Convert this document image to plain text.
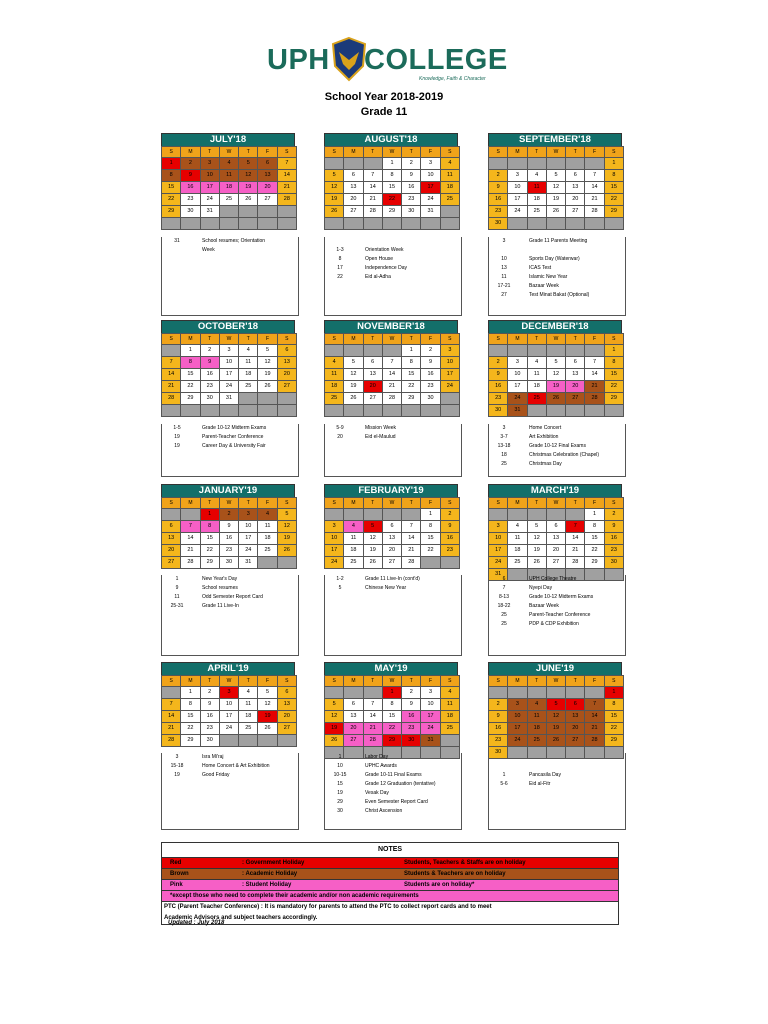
UPH COLLEGE
Knowledge, Faith & Character
School Year 2018-2019
Grade 11
JULY'18
S	M	T	W	T	F	S
1	2	3	4	5	6	7
8	9	10	11	12	13	14
15	16	17	18	19	20	21
22	23	24	25	26	27	28
29	30	31				

31	School resumes; Orientation
Week
AUGUST'18
S	M	T	W	T	F	S
			1	2	3	4
5	6	7	8	9	10	11
12	13	14	15	16	17	18
19	20	21	22	23	24	25
26	27	28	29	30	31	

1-3	Orientation Week
8	Open House
17	Independence Day
22	Eid al-Adha
SEPTEMBER'18
S	M	T	W	T	F	S
						1
2	3	4	5	6	7	8
9	10	11	12	13	14	15
16	17	18	19	20	21	22
23	24	25	26	27	28	29
30						
3	Grade 11 Parents Meeting
10	Sports Day (Waterwar)
13	ICAS Test
11	Islamic New Year
17-21	Bazaar Week
27	Test Minat Bakat (Optional)
OCTOBER'18
S	M	T	W	T	F	S
	1	2	3	4	5	6
7	8	9	10	11	12	13
14	15	16	17	18	19	20
21	22	23	24	25	26	27
28	29	30	31			

1-5	Grade 10-12 Midterm Exams
19	Parent-Teacher Conference
19	Career Day & University Fair
NOVEMBER'18
S	M	T	W	T	F	S
				1	2	3
4	5	6	7	8	9	10
11	12	13	14	15	16	17
18	19	20	21	22	23	24
25	26	27	28	29	30	

5-9	Mission Week
20	Eid el-Maulud
DECEMBER'18
S	M	T	W	T	F	S
						1
2	3	4	5	6	7	8
9	10	11	12	13	14	15
16	17	18	19	20	21	22
23	24	25	26	27	28	29
30	31					
3	Home Concert
3-7	Art Exhibition
13-18	Grade 10-12 Final Exams
18	Christmas Celebration (Chapel)
25	Christmas Day
JANUARY'19
S	M	T	W	T	F	S
		1	2	3	4	5
6	7	8	9	10	11	12
13	14	15	16	17	18	19
20	21	22	23	24	25	26
27	28	29	30	31		
1	New Year's Day
9	School resumes
11	Odd Semester Report Card
25-31	Grade 11 Live-In
FEBRUARY'19
S	M	T	W	T	F	S
					1	2
3	4	5	6	7	8	9
10	11	12	13	14	15	16
17	18	19	20	21	22	23
24	25	26	27	28		
1-2	Grade 11 Live-In (cont'd)
5	Chinese New Year
MARCH'19
S	M	T	W	T	F	S
					1	2
3	4	5	6	7	8	9
10	11	12	13	14	15	16
17	18	19	20	21	22	23
24	25	26	27	28	29	30
31						
6	UPH College Theatre
7	Nyepi Day
8-13	Grade 10-12 Midterm Exams
18-22	Bazaar Week
25	Parent-Teacher Conference
25	PDP & CDP Exhibition
APRIL'19
S	M	T	W	T	F	S
	1	2	3	4	5	6
7	8	9	10	11	12	13
14	15	16	17	18	19	20
21	22	23	24	25	26	27
28	29	30				
3	Isra Mi'raj
15-18	Home Concert & Art Exhibition
19	Good Friday
MAY'19
S	M	T	W	T	F	S
			1	2	3	4
5	6	7	8	9	10	11
12	13	14	15	16	17	18
19	20	21	22	23	24	25
26	27	28	29	30	31	

1	Labor Day
10	UPHC Awards
10-15	Grade 10-11 Final Exams
15	Grade 12 Graduation (tentative)
19	Vesak Day
29	Even Semester Report Card
30	Christ Ascension
JUNE'19
S	M	T	W	T	F	S
						1
2	3	4	5	6	7	8
9	10	11	12	13	14	15
16	17	18	19	20	21	22
23	24	25	26	27	28	29
30						
1	Pancasila Day
5-6	Eid al-Fitr
NOTES
Red	: Government Holiday	Students, Teachers & Staffs are on holiday
Brown	: Academic Holiday	Students & Teachers are on holiday
Pink	: Student Holiday	Students are on holiday*
*except those who need to complete their academic and/or non academic requirements
PTC (Parent Teacher Conference) : It is mandatory for parents to attend the PTC to collect report cards and to meet
Academic Advisors and subject teachers accordingly.
Updated : July 2018
